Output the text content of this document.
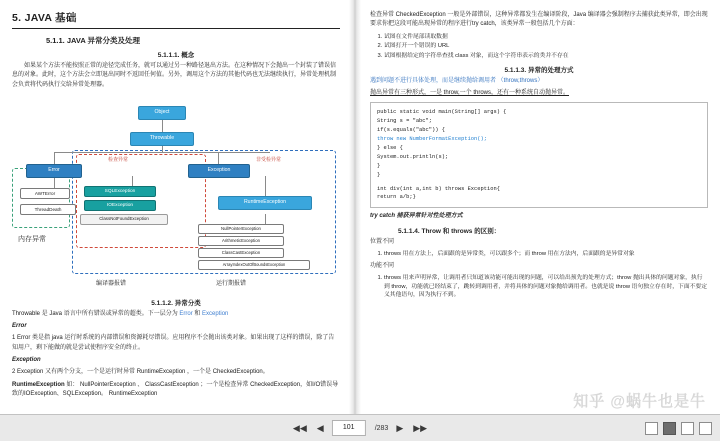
5. JAVA 基础
5.1.1. JAVA 异常分类及处理
5.1.1.1. 概念

如果某个方法不能按照正常的途径完成任务，就可以通过另一种路径退出方法。在这种情况下会抛出一个封装了错误信息的对象。此时，这个方法会立即退出同时不返回任何值。另外，调用这个方法的其他代码也无法继续执行，异常处理机制会负责将代码执行交给异常处理器。

Object
Throwable
Error	Exception
AWTError
ThreadDeath
SQLException
IOException
ClassNotFoundException
RuntimeException
NullPointerException
ArithmeticException
ClassCastException
ArrayIndexOutOfBoundsException
内存异常
编译器报错	运行期报错
检查异常	非受检异常
5.1.1.2. 异常分类

Throwable 是 Java 语言中所有错误或异常的超类。下一层分为 Error 和 Exception

Error

1 Error 类是指 java 运行时系统的内部错误和资源耗尽错误。应用程序不会抛出该类对象。如果出现了这样的错误，除了告知用户，剩下能做的就是尝试使程序安全的终止。

Exception

2 Exception 又有两个分支，一个是运行时异常 RuntimeException ，一个是 CheckedException。

RuntimeException 如： NullPointerException 、 ClassCastException ；一个是检查异常 CheckedException，如I/O错误导致的IOException、SQLException。 RuntimeException

检查异常 CheckedException 一般是外部错误，这种异常都发生在编译阶段，Java 编译器会强制程序去捕获此类异常，即会出现要求你把这段可能出现异常的程序进行try catch，该类异常一般包括几个方面：

1. 试图在文件尾部读取数据
2. 试图打开一个错误的 URL
3. 试图根据给定的字符串查找 class 对象，而这个字符串表示的类并不存在
5.1.1.3. 异常的处理方式

遇到问题不进行具体处理，而是继续抛给调用者 （throw,throws）

抛出异常有三种形式，一是 throw,一个 throws，还有一种系统自动抛异常。

public static void main(String[] args) {
String s = "abc";
if(s.equals("abc")) {
throw new NumberFormatException();
} else {
System.out.println(s);
}
}
int div(int a,int b) throws Exception{
return a/b;}

try catch 捕获异常针对性处理方式

5.1.1.4. Throw 和 throws 的区别：

位置不同

1. throws 用在方法上，后面跟的是异常类，可以跟多个；而 throw 用在方法内，后面跟的是异常对象

功能不同

1. throws 用来声明异常，让调用者只知道该功能可能出现的问题，可以给出预先的处理方式；throw 抛出具体的问题对象，执行到 throw，功能就已经结束了，跳转到调用者，并将具体的问题对象抛给调用者。也就是说 throw 语句独立存在时，下面不要定义其他语句，因为执行不到。
知乎 @蜗牛也是牛
◀◀ ◀	101	/283 ▶ ▶▶
